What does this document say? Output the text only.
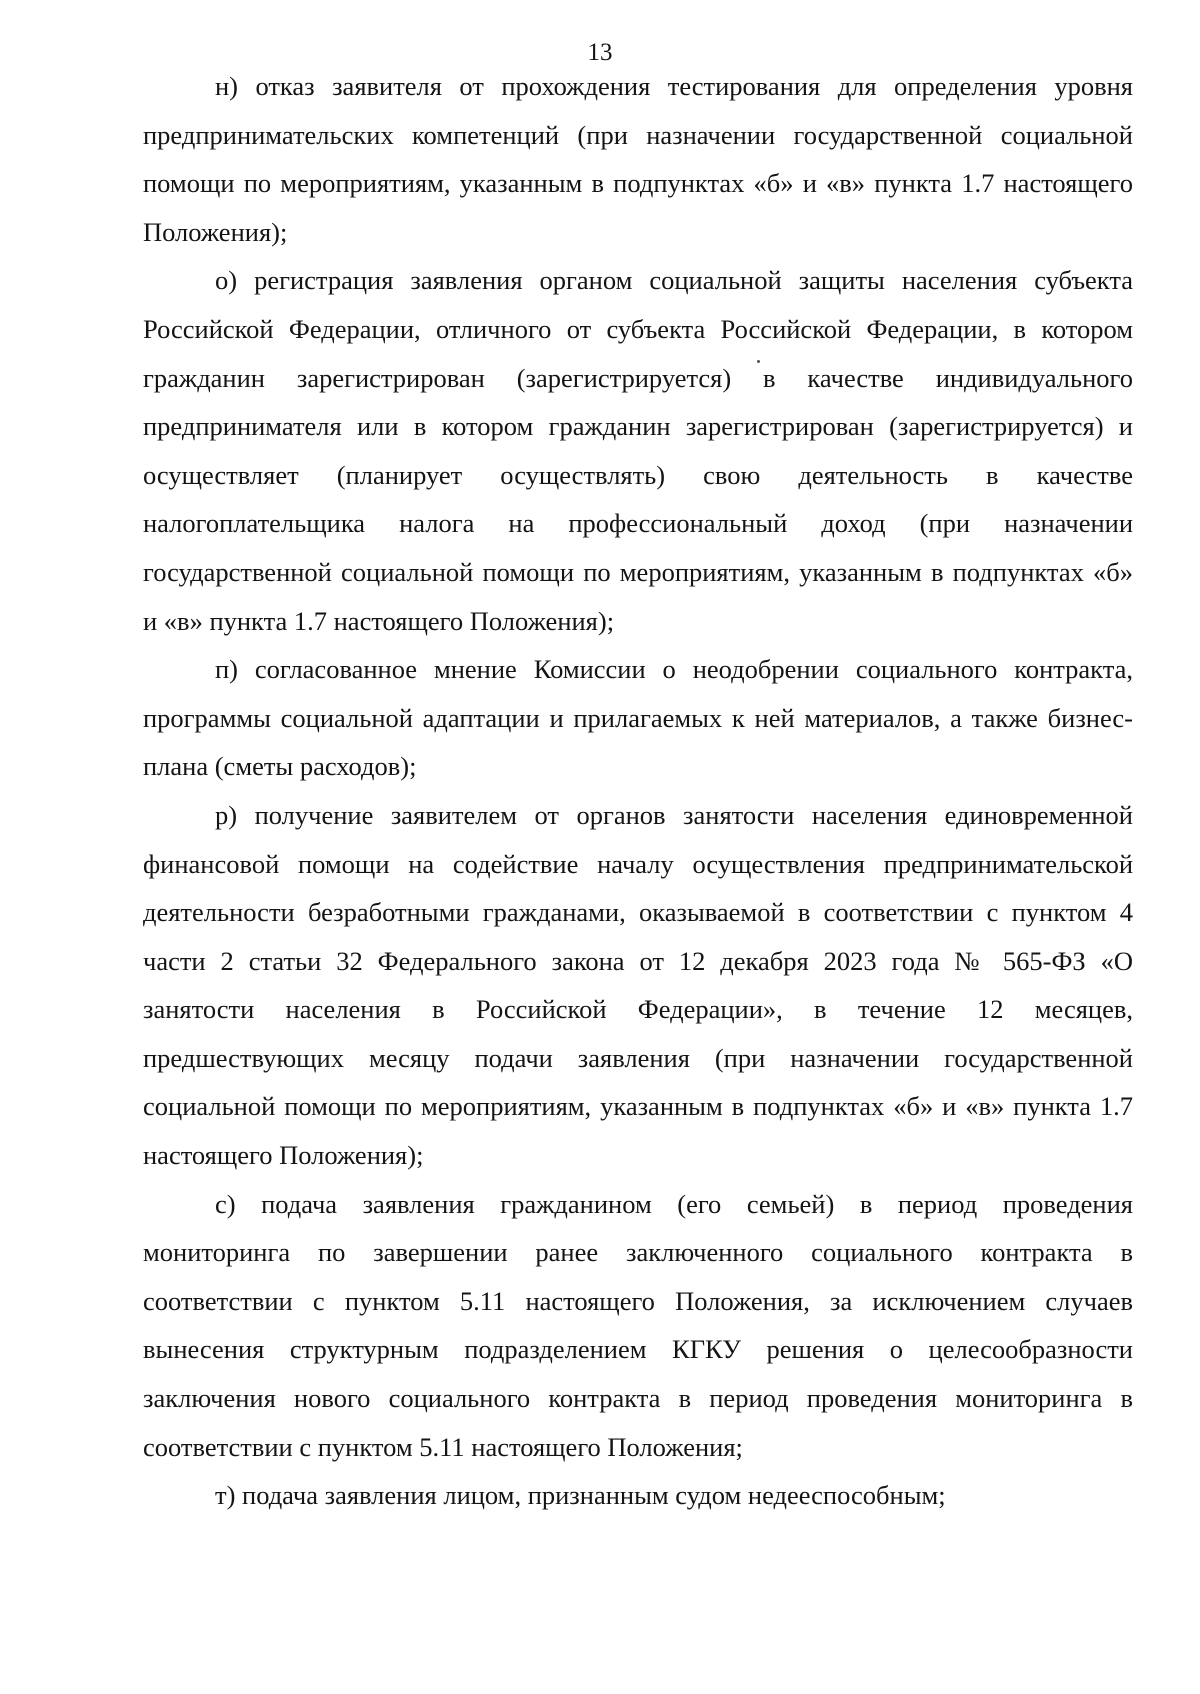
13

н) отказ заявителя от прохождения тестирования для определения уровня предпринимательских компетенций (при назначении государственной социальной помощи по мероприятиям, указанным в подпунктах «б» и «в» пункта 1.7 настоящего Положения);

о) регистрация заявления органом социальной защиты населения субъекта Российской Федерации, отличного от субъекта Российской Федерации, в котором гражданин зарегистрирован (зарегистрируется) в качестве индивидуального предпринимателя или в котором гражданин зарегистрирован (зарегистрируется) и осуществляет (планирует осуществлять) свою деятельность в качестве налогоплательщика налога на профессиональный доход (при назначении государственной социальной помощи по мероприятиям, указанным в подпунктах «б» и «в» пункта 1.7 настоящего Положения);

п) согласованное мнение Комиссии о неодобрении социального контракта, программы социальной адаптации и прилагаемых к ней материалов, а также бизнес-плана (сметы расходов);

р) получение заявителем от органов занятости населения единовременной финансовой помощи на содействие началу осуществления предпринимательской деятельности безработными гражданами, оказываемой в соответствии с пунктом 4 части 2 статьи 32 Федерального закона от 12 декабря 2023 года № 565-ФЗ «О занятости населения в Российской Федерации», в течение 12 месяцев, предшествующих месяцу подачи заявления (при назначении государственной социальной помощи по мероприятиям, указанным в подпунктах «б» и «в» пункта 1.7 настоящего Положения);

с) подача заявления гражданином (его семьей) в период проведения мониторинга по завершении ранее заключенного социального контракта в соответствии с пунктом 5.11 настоящего Положения, за исключением случаев вынесения структурным подразделением КГКУ решения о целесообразности заключения нового социального контракта в период проведения мониторинга в соответствии с пунктом 5.11 настоящего Положения;

т) подача заявления лицом, признанным судом недееспособным;
